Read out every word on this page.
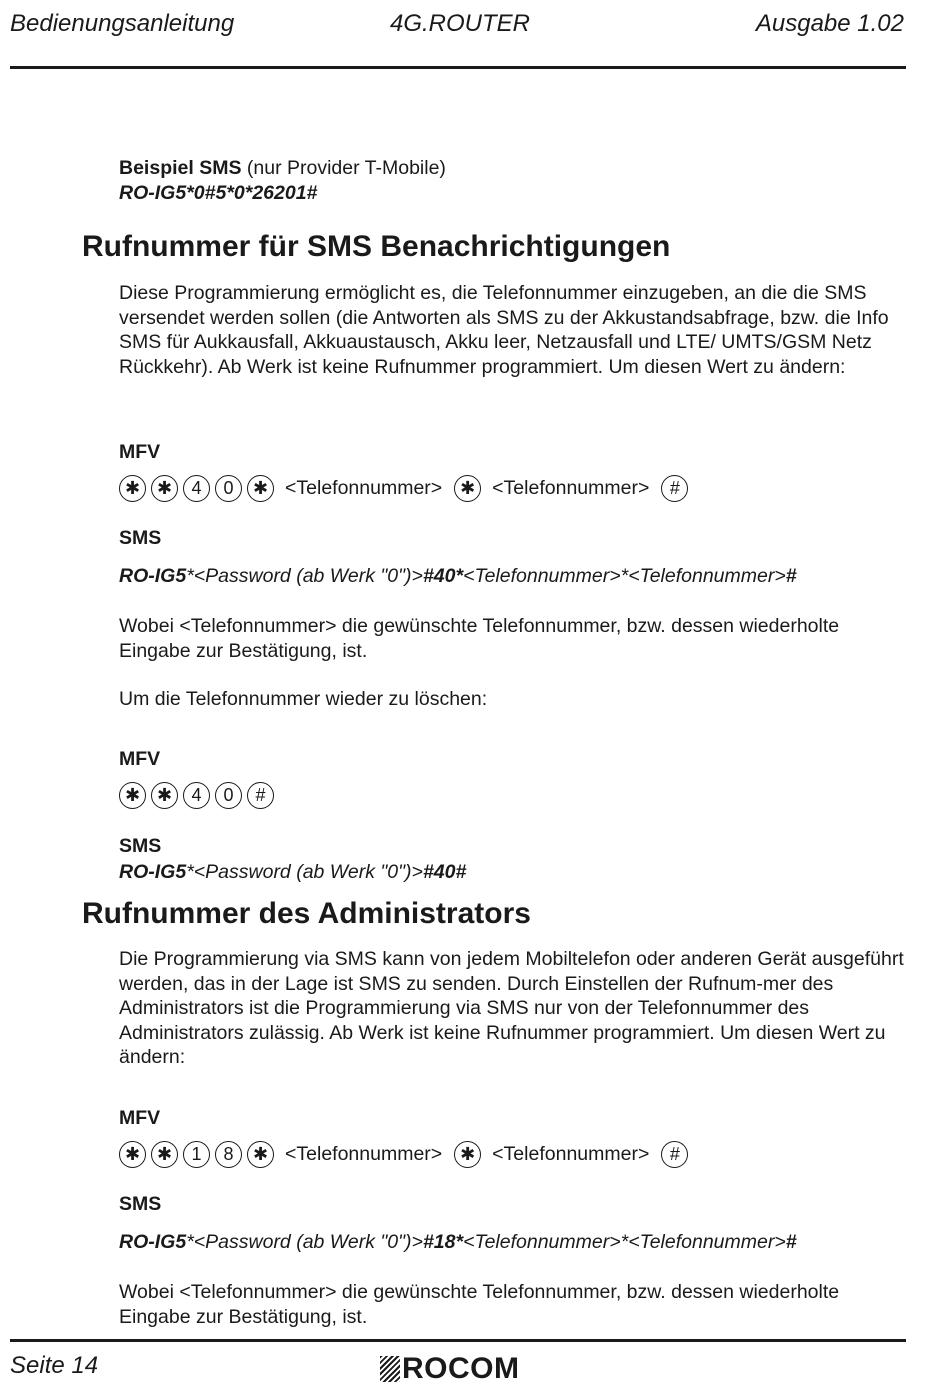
Bedienungsanleitung	4G.ROUTER	Ausgabe 1.02
Beispiel SMS (nur Provider T-Mobile)
RO-IG5*0#5*0*26201#
Rufnummer für SMS Benachrichtigungen
Diese Programmierung ermöglicht es, die Telefonnummer einzugeben, an die die SMS versendet werden sollen (die Antworten als SMS zu der Akkustandsabfrage, bzw. die Info SMS für Aukkausfall, Akkuaustausch, Akku leer, Netzausfall und LTE/ UMTS/GSM Netz Rückkehr). Ab Werk ist keine Rufnummer programmiert. Um diesen Wert zu ändern:
MFV
✱ ✱	4	0	✱ <Telefonnummer> ✱ <Telefonnummer>	#
SMS
RO-IG5*<Password (ab Werk "0")>#40*<Telefonnummer>*<Telefonnummer>#
Wobei <Telefonnummer> die gewünschte Telefonnummer, bzw. dessen wiederholte Eingabe zur Bestätigung, ist.
Um die Telefonnummer wieder zu löschen:
MFV
✱ ✱	4	0	#
SMS
RO-IG5*<Password (ab Werk "0")>#40#
Rufnummer des Administrators
Die Programmierung via SMS kann von jedem Mobiltelefon oder anderen Gerät ausgeführt werden, das in der Lage ist SMS zu senden. Durch Einstellen der Rufnum-mer des Administrators ist die Programmierung via SMS nur von der Telefonnummer des Administrators zulässig. Ab Werk ist keine Rufnummer programmiert. Um diesen Wert zu ändern:
MFV
✱ ✱	1	8	✱ <Telefonnummer> ✱ <Telefonnummer>	#
SMS
RO-IG5*<Password (ab Werk "0")>#18*<Telefonnummer>*<Telefonnummer>#
Wobei <Telefonnummer> die gewünschte Telefonnummer, bzw. dessen wiederholte Eingabe zur Bestätigung, ist.
Seite 14	ROCOM
